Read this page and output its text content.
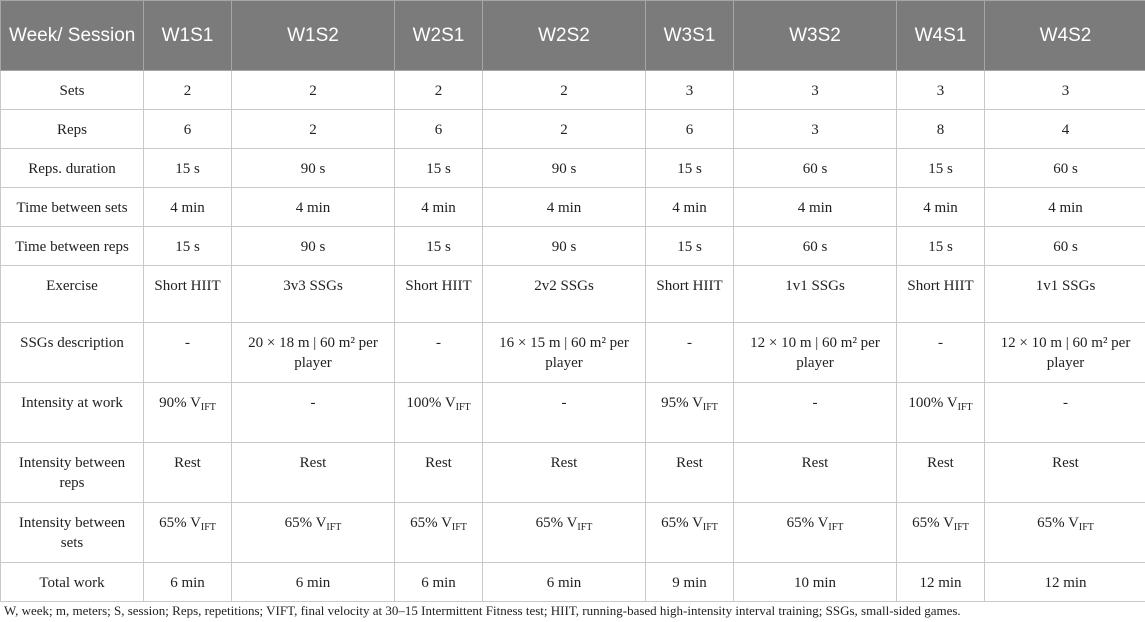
Week/ Session	W1S1	W1S2	W2S1	W2S2	W3S1	W3S2	W4S1	W4S2
Sets	2	2	2	2	3	3	3	3
Reps	6	2	6	2	6	3	8	4
Reps. duration	15 s	90 s	15 s	90 s	15 s	60 s	15 s	60 s
Time between sets	4 min	4 min	4 min	4 min	4 min	4 min	4 min	4 min
Time between reps	15 s	90 s	15 s	90 s	15 s	60 s	15 s	60 s
Exercise	Short HIIT	3v3 SSGs	Short HIIT	2v2 SSGs	Short HIIT	1v1 SSGs	Short HIIT	1v1 SSGs
SSGs description	-	20 × 18 m | 60 m² per player	-	16 × 15 m | 60 m² per player	-	12 × 10 m | 60 m² per player	-	12 × 10 m | 60 m² per player
Intensity at work	90% $V_{IFT}$	-	100% $V_{IFT}$	-	95% $V_{IFT}$	-	100% $V_{IFT}$	-
Intensity between reps	Rest	Rest	Rest	Rest	Rest	Rest	Rest	Rest
Intensity between sets	65% $V_{IFT}$	65% $V_{IFT}$	65% $V_{IFT}$	65% $V_{IFT}$	65% $V_{IFT}$	65% $V_{IFT}$	65% $V_{IFT}$	65% $V_{IFT}$
Total work	6 min	6 min	6 min	6 min	9 min	10 min	12 min	12 min
W, week; m, meters; S, session; Reps, repetitions; VIFT, final velocity at 30–15 Intermittent Fitness test; HIIT, running-based high-intensity interval training; SSGs, small-sided games.
